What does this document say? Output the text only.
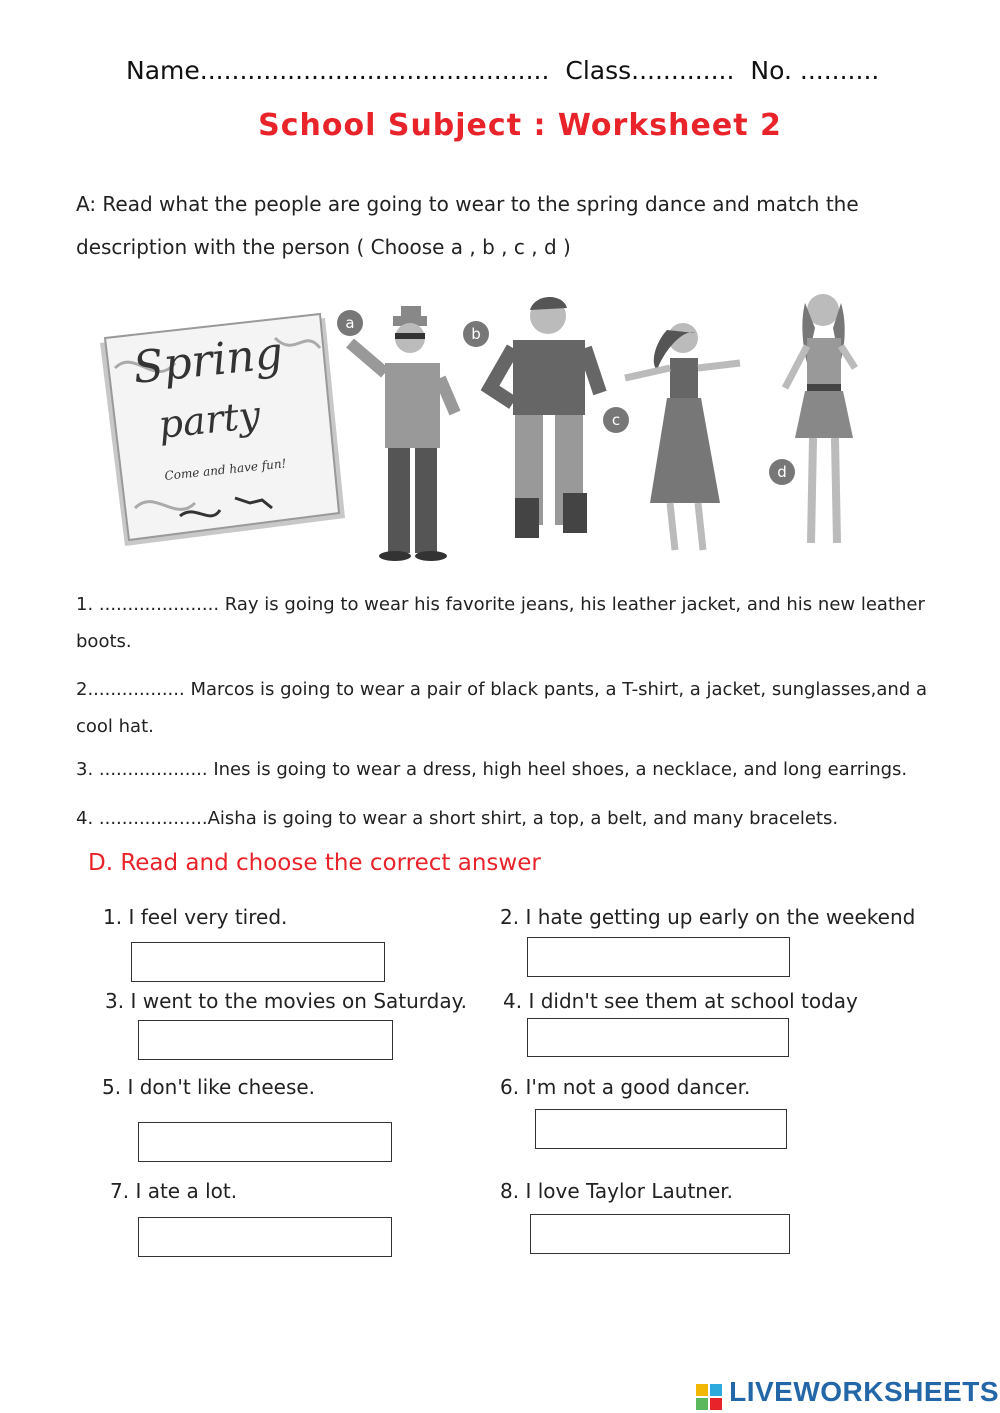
Name............................................ Class............. No. ..........
School Subject : Worksheet 2
A: Read what the people are going to wear to the spring dance and match the
description with the person ( Choose a , b , c , d )
Spring
party
Come and have fun!
a
b
c
d
1. ..................... Ray is going to wear his favorite jeans, his leather jacket, and his new leather
boots.
2................. Marcos is going to wear a pair of black pants, a T-shirt, a jacket, sunglasses,and a
cool hat.
3. ................... Ines is going to wear a dress, high heel shoes, a necklace, and long earrings.
4. ...................Aisha is going to wear a short shirt, a top, a belt, and many bracelets.
D. Read and choose the correct answer
1. I feel very tired.	2. I hate getting up early on the weekend
3. I went to the movies on Saturday. 4. I didn't see them at school today
5. I don't like cheese.	6. I'm not a good dancer.
7. I ate a lot.	8. I love Taylor Lautner.
LIVEWORKSHEETS
